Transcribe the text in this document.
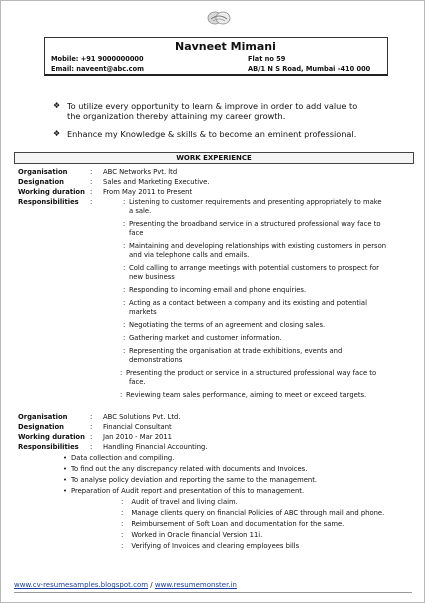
Navneet Mimani
Mobile: +91 9000000000
Email: naveent@abc.com
Flat no 59
AB/1 N S Road, Mumbai -410 000
❖ To utilize every opportunity to learn & improve in order to add value to the organization thereby attaining my career growth.
❖ Enhance my Knowledge & skills & to become an eminent professional.
WORK EXPERIENCE
Organisation	: ABC Networks Pvt. ltd
Designation	: Sales and Marketing Executive.
Working duration : From May 2011 to Present
Responsibilities :	: Listening to customer requirements and presenting appropriately to make
a sale.
: Presenting the broadband service in a structured professional way face to
face
: Maintaining and developing relationships with existing customers in person
and via telephone calls and emails.
: Cold calling to arrange meetings with potential customers to prospect for
new business
: Responding to incoming email and phone enquiries.
: Acting as a contact between a company and its existing and potential
markets
: Negotiating the terms of an agreement and closing sales.
: Gathering market and customer information.
: Representing the organisation at trade exhibitions, events and
demonstrations
: Presenting the product or service in a structured professional way face to
face.
: Reviewing team sales performance, aiming to meet or exceed targets.
Organisation	: ABC Solutions Pvt. Ltd.
Designation	: Financial Consultant
Working duration : Jan 2010 - Mar 2011
Responsibilities : Handling Financial Accounting.
• Data collection and compiling.
• To find out the any discrepancy related with documents and Invoices.
• To analyse policy deviation and reporting the same to the management.
• Preparation of Audit report and presentation of this to management.
: Audit of travel and living claim.
: Manage clients query on financial Policies of ABC through mail and phone.
: Reimbursement of Soft Loan and documentation for the same.
: Worked in Oracle financial Version 11i.
: Verifying of Invoices and clearing employees bills
www.cv-resumesamples.blogspot.com / www.resumemonster.in
